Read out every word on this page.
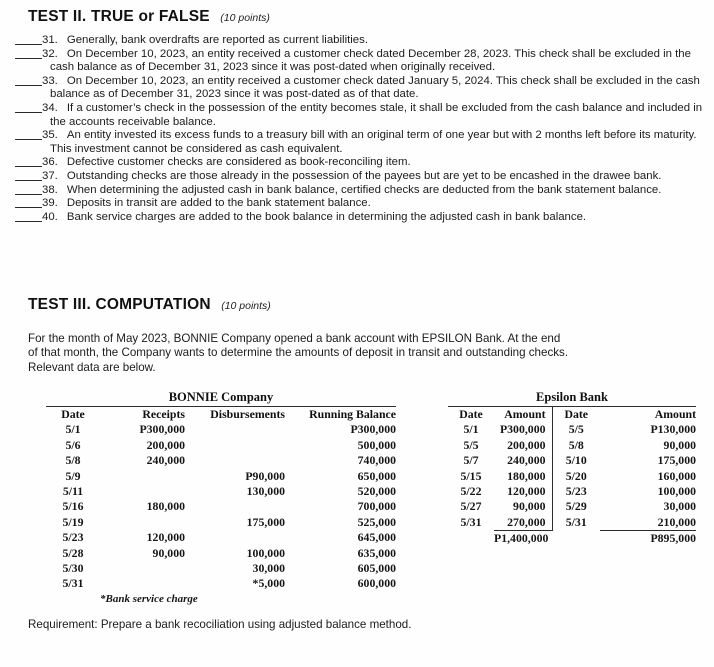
TEST II. TRUE or FALSE (10 points)
31. Generally, bank overdrafts are reported as current liabilities.
32. On December 10, 2023, an entity received a customer check dated December 28, 2023. This check shall be excluded in the cash balance as of December 31, 2023 since it was post-dated when originally received.
33. On December 10, 2023, an entity received a customer check dated January 5, 2024. This check shall be excluded in the cash balance as of December 31, 2023 since it was post-dated as of that date.
34. If a customer’s check in the possession of the entity becomes stale, it shall be excluded from the cash balance and included in the accounts receivable balance.
35. An entity invested its excess funds to a treasury bill with an original term of one year but with 2 months left before its maturity. This investment cannot be considered as cash equivalent.
36. Defective customer checks are considered as book-reconciling item.
37. Outstanding checks are those already in the possession of the payees but are yet to be encashed in the drawee bank.
38. When determining the adjusted cash in bank balance, certified checks are deducted from the bank statement balance.
39. Deposits in transit are added to the bank statement balance.
40. Bank service charges are added to the book balance in determining the adjusted cash in bank balance.
TEST III. COMPUTATION (10 points)
For the month of May 2023, BONNIE Company opened a bank account with EPSILON Bank. At the end
of that month, the Company wants to determine the amounts of deposit in transit and outstanding checks.
Relevant data are below.
BONNIE Company
Date	Receipts	Disbursements	Running Balance
5/1	P300,000		P300,000
5/6	200,000		500,000
5/8	240,000		740,000
5/9		P90,000	650,000
5/11		130,000	520,000
5/16	180,000		700,000
5/19		175,000	525,000
5/23	120,000		645,000
5/28	90,000	100,000	635,000
5/30		30,000	605,000
5/31		*5,000	600,000
*Bank service charge
Epsilon Bank
Date	Amount	Date	Amount
5/1	P300,000	5/5	P130,000
5/5	200,000	5/8	90,000
5/7	240,000	5/10	175,000
5/15	180,000	5/20	160,000
5/22	120,000	5/23	100,000
5/27	90,000	5/29	30,000
5/31	270,000	5/31	210,000
	P1,400,000		P895,000
Requirement: Prepare a bank recociliation using adjusted balance method.
